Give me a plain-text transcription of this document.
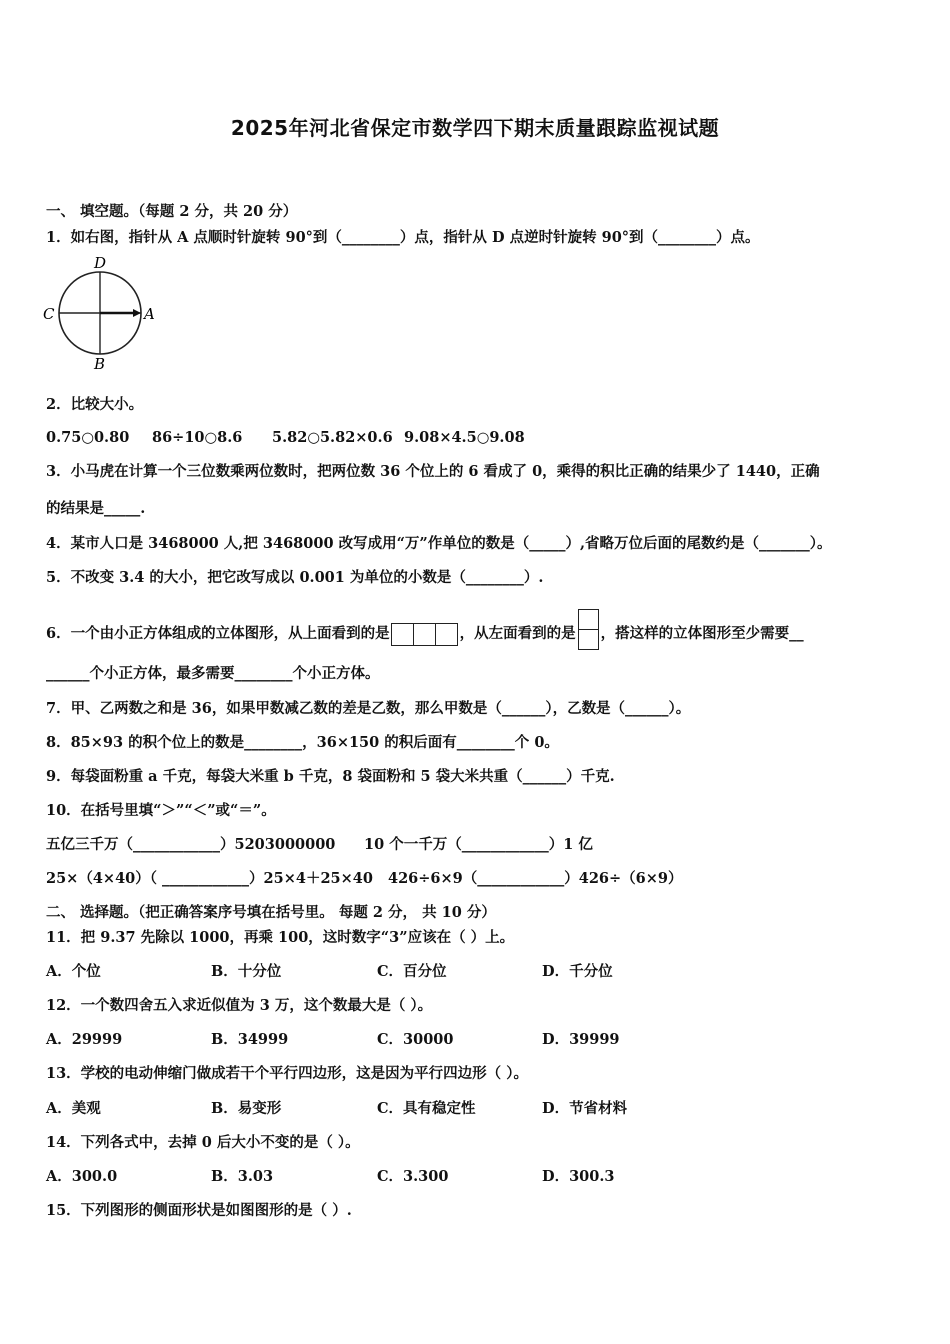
2025年河北省保定市数学四下期末质量跟踪监视试题
一、 填空题。（每题 2 分，共 20 分）
1．如右图，指针从 A 点顺时针旋转 90°到（________）点，指针从 D 点逆时针旋转 90°到（________）点。
D
B
C	A
2．比较大小。
0.75○0.80 86÷10○8.6 5.82○5.82×0.6 9.08×4.5○9.08
3．小马虎在计算一个三位数乘两位数时，把两位数 36 个位上的 6 看成了 0，乘得的积比正确的结果少了 1440，正确
的结果是_____.
4．某市人口是 3468000 人,把 3468000 改写成用“万”作单位的数是（_____）,省略万位后面的尾数约是（_______）。
5．不改变 3.4 的大小，把它改写成以 0.001 为单位的小数是（________）.
6．一个由小正方体组成的立体图形，从上面看到的是	，从左面看到的是 ，搭这样的立体图形至少需要__
______个小正方体，最多需要________个小正方体。
7．甲、乙两数之和是 36，如果甲数减乙数的差是乙数，那么甲数是（______），乙数是（______）。
8．85×93 的积个位上的数是________，36×150 的积后面有________个 0。
9．每袋面粉重 a 千克，每袋大米重 b 千克，8 袋面粉和 5 袋大米共重（______）千克.
10．在括号里填“＞”“＜”或“＝”。
五亿三千万（____________）5203000000 10 个一千万（____________）1 亿
25×（4×40）（ ____________）25×4＋25×40 426÷6×9（____________）426÷（6×9）
二、 选择题。（把正确答案序号填在括号里。 每题 2 分， 共 10 分）
11．把 9.37 先除以 1000，再乘 100，这时数字“3”应该在（ ）上。
A．个位	B．十分位	C．百分位	D．千分位
12．一个数四舍五入求近似值为 3 万，这个数最大是（ ）。
A．29999	B．34999	C．30000	D．39999
13．学校的电动伸缩门做成若干个平行四边形，这是因为平行四边形（ ）。
A．美观	B．易变形	C．具有稳定性	D．节省材料
14．下列各式中，去掉 0 后大小不变的是（ ）。
A．300.0	B．3.03	C．3.300	D．300.3
15．下列图形的侧面形状是如图图形的是（ ）.
